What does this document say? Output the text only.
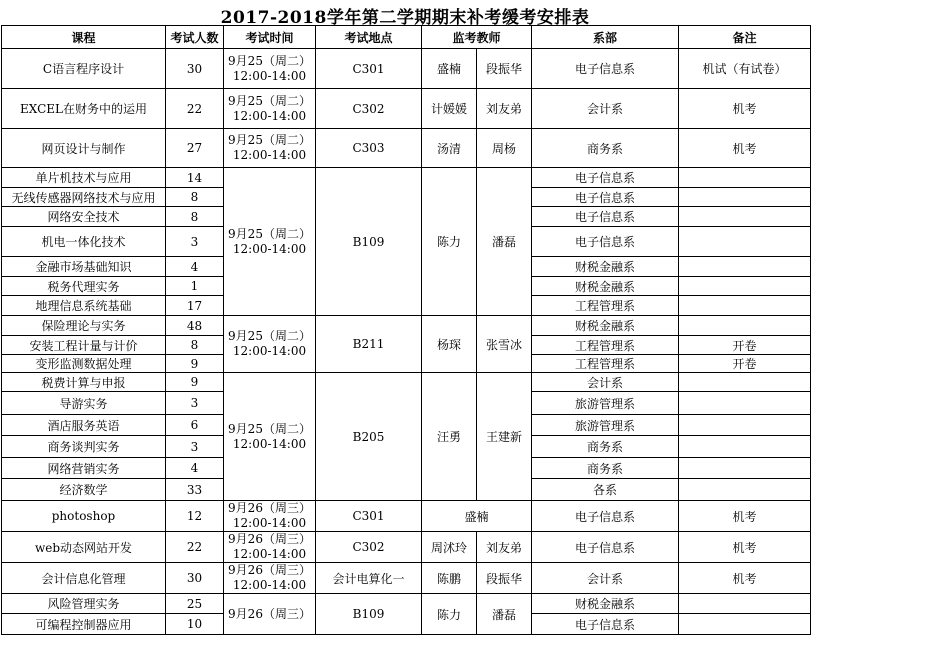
2017-2018学年第二学期期末补考缓考安排表
课程	考试人数	考试时间	考试地点	监考教师		系部	备注
C语言程序设计	30	9月25（周二）
12:00-14:00	C301	盛楠	段振华	电子信息系	机试（有试卷）
EXCEL在财务中的运用	22	9月25（周二）
12:00-14:00	C302	计媛媛	刘友弟	会计系	机考
网页设计与制作	27	9月25（周二）
12:00-14:00	C303	汤清	周杨	商务系	机考
单片机技术与应用	14	9月25（周二）
12:00-14:00	B109	陈力	潘磊	电子信息系	
无线传感器网络技术与应用	8					电子信息系	
网络安全技术	8					电子信息系	
机电一体化技术	3					电子信息系	
金融市场基础知识	4					财税金融系	
税务代理实务	1					财税金融系	
地理信息系统基础	17					工程管理系	
保险理论与实务	48	9月25（周二）
12:00-14:00	B211	杨琛	张雪冰	财税金融系	
安装工程计量与计价	8					工程管理系	开卷
变形监测数据处理	9					工程管理系	开卷
税费计算与申报	9	9月25（周二）
12:00-14:00	B205	汪勇	王建新	会计系	
导游实务	3					旅游管理系	
酒店服务英语	6					旅游管理系	
商务谈判实务	3					商务系	
网络营销实务	4					商务系	
经济数学	33					各系	
photoshop	12	9月26（周三）
12:00-14:00	C301	盛楠		电子信息系	机考
web动态网站开发	22	9月26（周三）
12:00-14:00	C302	周沭玲	刘友弟	电子信息系	机考
会计信息化管理	30	9月26（周三）
12:00-14:00	会计电算化一	陈鹏	段振华	会计系	机考
风险管理实务	25	9月26（周三）	B109	陈力	潘磊	财税金融系	
可编程控制器应用	10					电子信息系	
